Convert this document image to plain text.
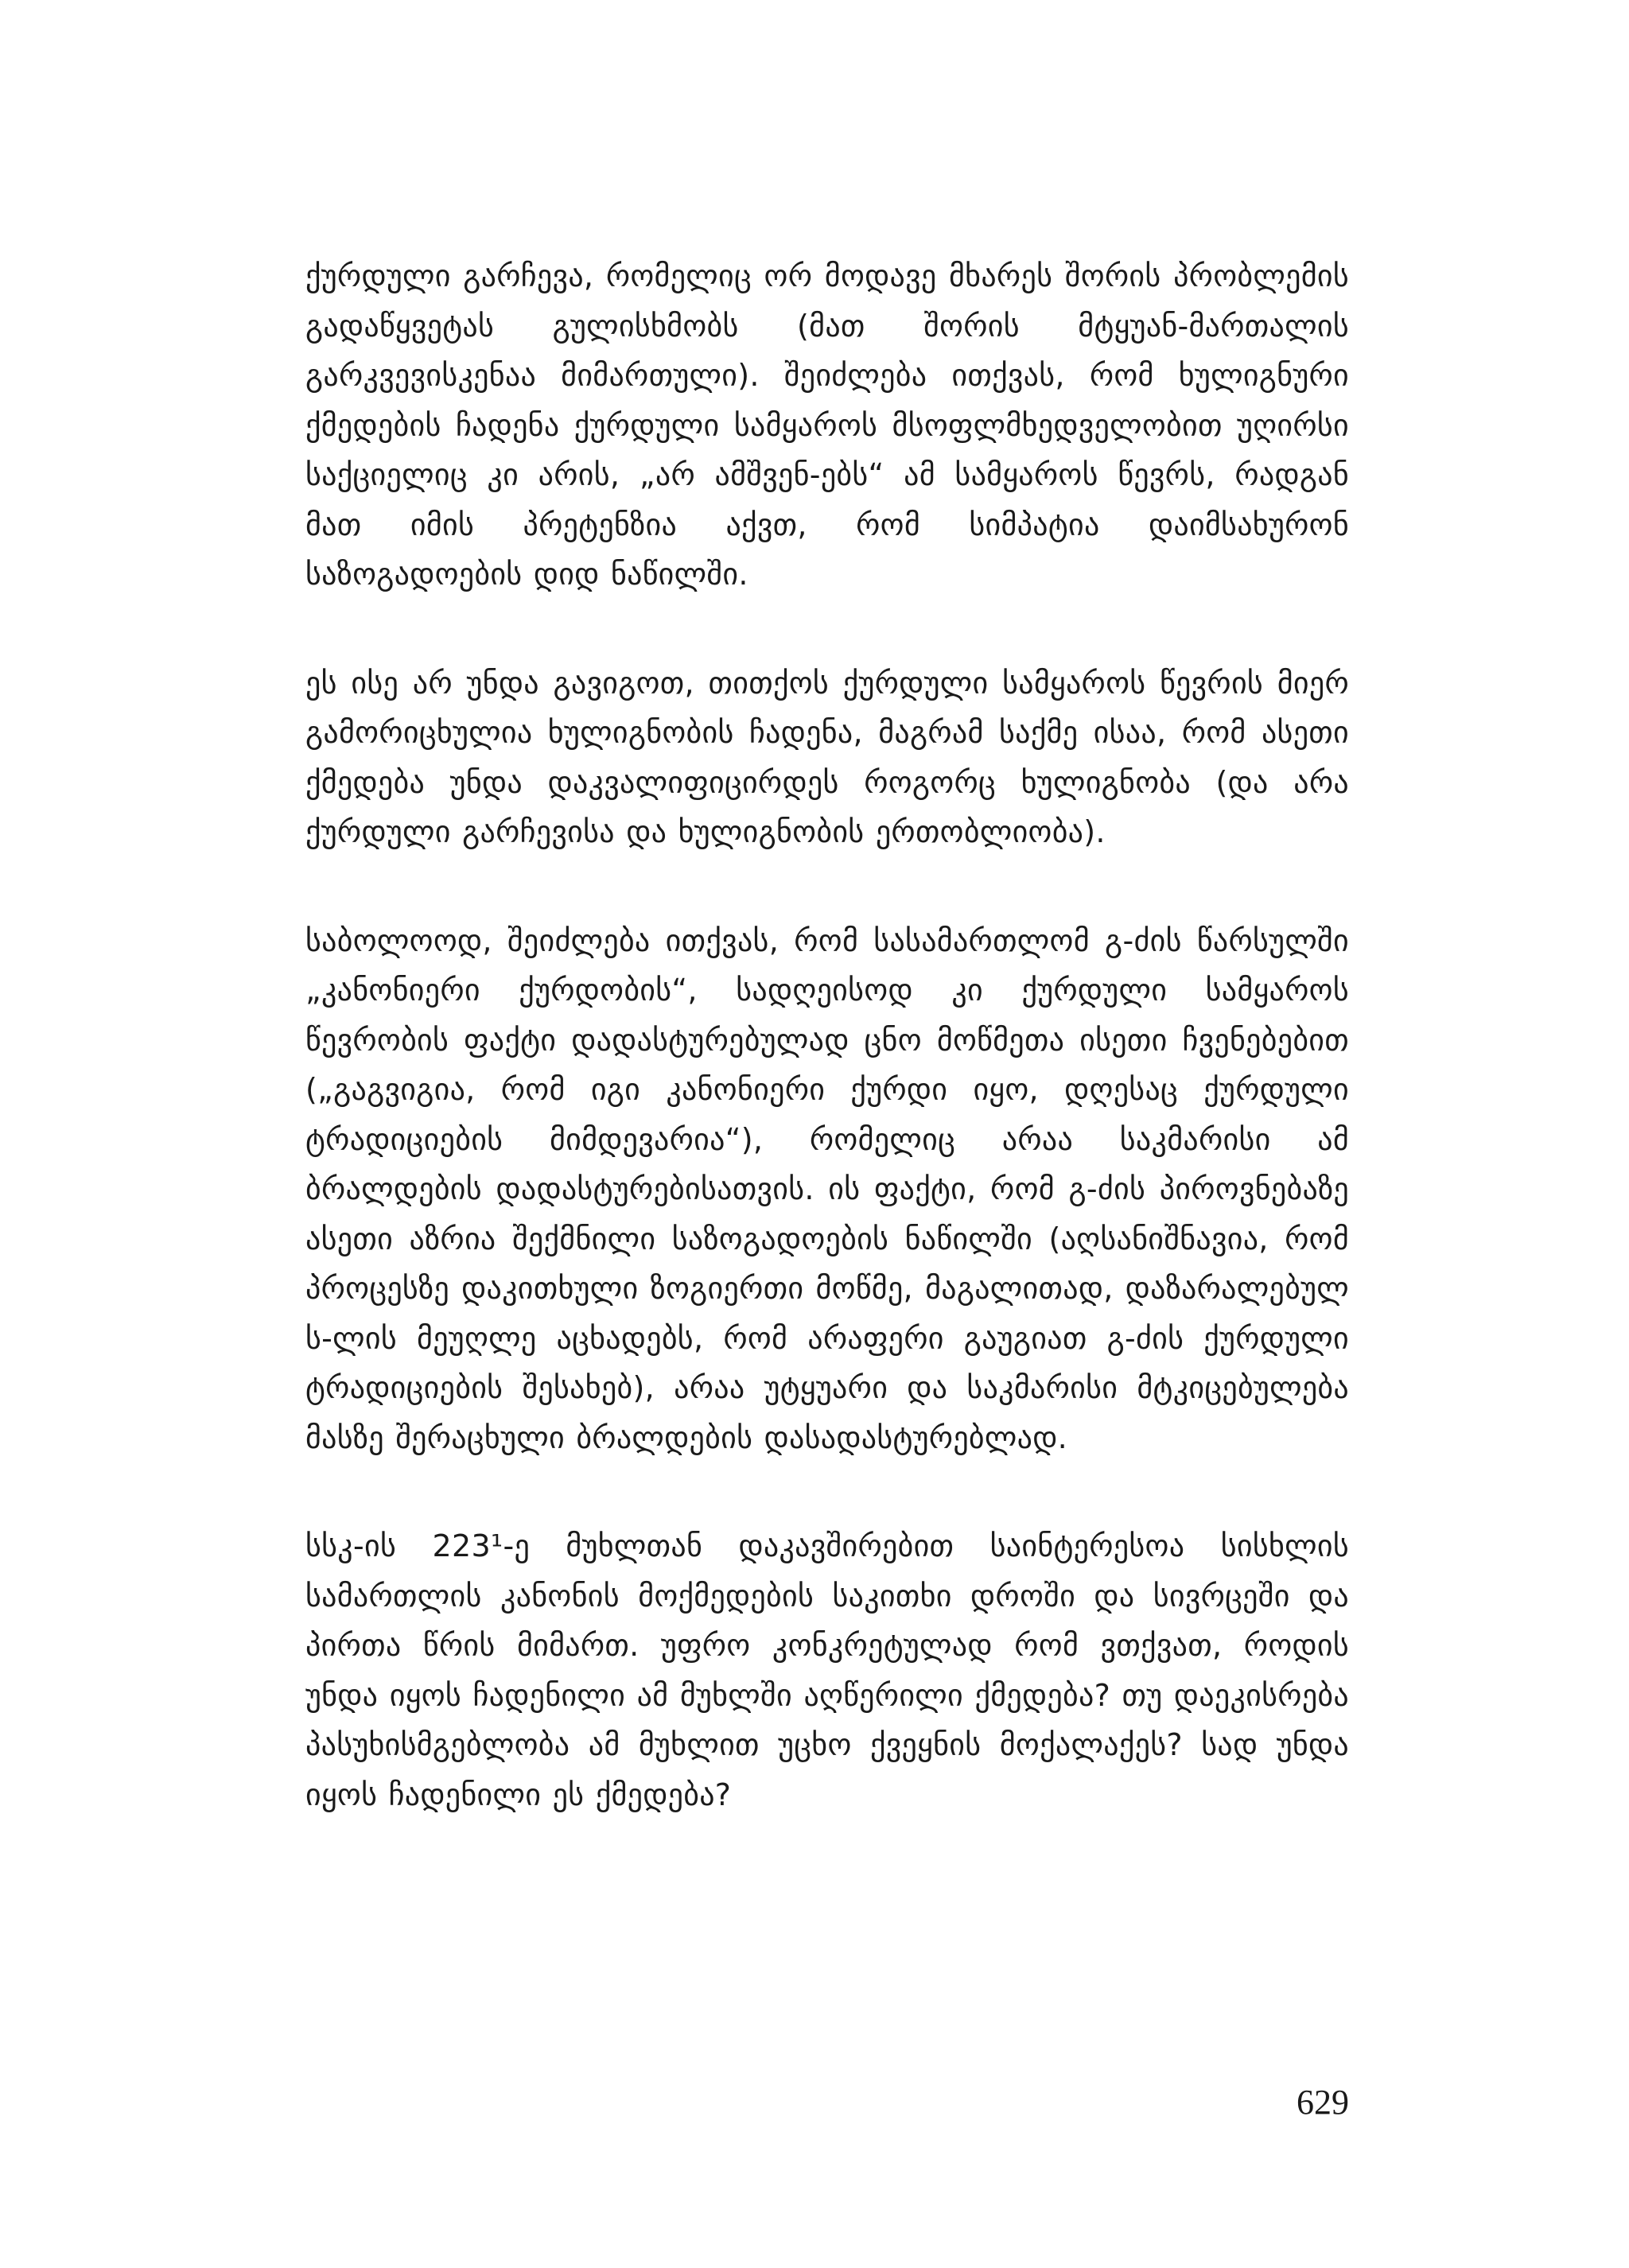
ქურდული გარჩევა, რომელიც ორ მოდავე მხარეს შორის პრობლემის გადაწყვეტას გულისხმობს (მათ შორის მტყუან-მართალის გარკვევისკენაა მიმართული). შეიძლება ითქვას, რომ ხულიგნური ქმედების ჩადენა ქურდული სამყაროს მსოფლმხედველობით უღირსი საქციელიც კი არის, „არ ამშვენ-ებს“ ამ სამყაროს წევრს, რადგან მათ იმის პრეტენზია აქვთ, რომ სიმპატია დაიმსახურონ საზოგადოების დიდ ნაწილში.

ეს ისე არ უნდა გავიგოთ, თითქოს ქურდული სამყაროს წევრის მიერ გამორიცხულია ხულიგნობის ჩადენა, მაგრამ საქმე ისაა, რომ ასეთი ქმედება უნდა დაკვალიფიცირდეს როგორც ხულიგნობა (და არა ქურდული გარჩევისა და ხულიგნობის ერთობლიობა).

საბოლოოდ, შეიძლება ითქვას, რომ სასამართლომ გ-ძის წარსულში „კანონიერი ქურდობის“, სადღეისოდ კი ქურდული სამყაროს წევრობის ფაქტი დადასტურებულად ცნო მოწმეთა ისეთი ჩვენებებით („გაგვიგია, რომ იგი კანონიერი ქურდი იყო, დღესაც ქურდული ტრადიციების მიმდევარია“), რომელიც არაა საკმარისი ამ ბრალდების დადასტურებისათვის. ის ფაქტი, რომ გ-ძის პიროვნებაზე ასეთი აზრია შექმნილი საზოგადოების ნაწილში (აღსანიშნავია, რომ პროცესზე დაკითხული ზოგიერთი მოწმე, მაგალითად, დაზარალებულ ს-ლის მეუღლე აცხადებს, რომ არაფერი გაუგიათ გ-ძის ქურდული ტრადიციების შესახებ), არაა უტყუარი და საკმარისი მტკიცებულება მასზე შერაცხული ბრალდების დასადასტურებლად.

სსკ-ის 223¹-ე მუხლთან დაკავშირებით საინტერესოა სისხლის სამართლის კანონის მოქმედების საკითხი დროში და სივრცეში და პირთა წრის მიმართ. უფრო კონკრეტულად რომ ვთქვათ, როდის უნდა იყოს ჩადენილი ამ მუხლში აღწერილი ქმედება? თუ დაეკისრება პასუხისმგებლობა ამ მუხლით უცხო ქვეყნის მოქალაქეს? სად უნდა იყოს ჩადენილი ეს ქმედება?

629
